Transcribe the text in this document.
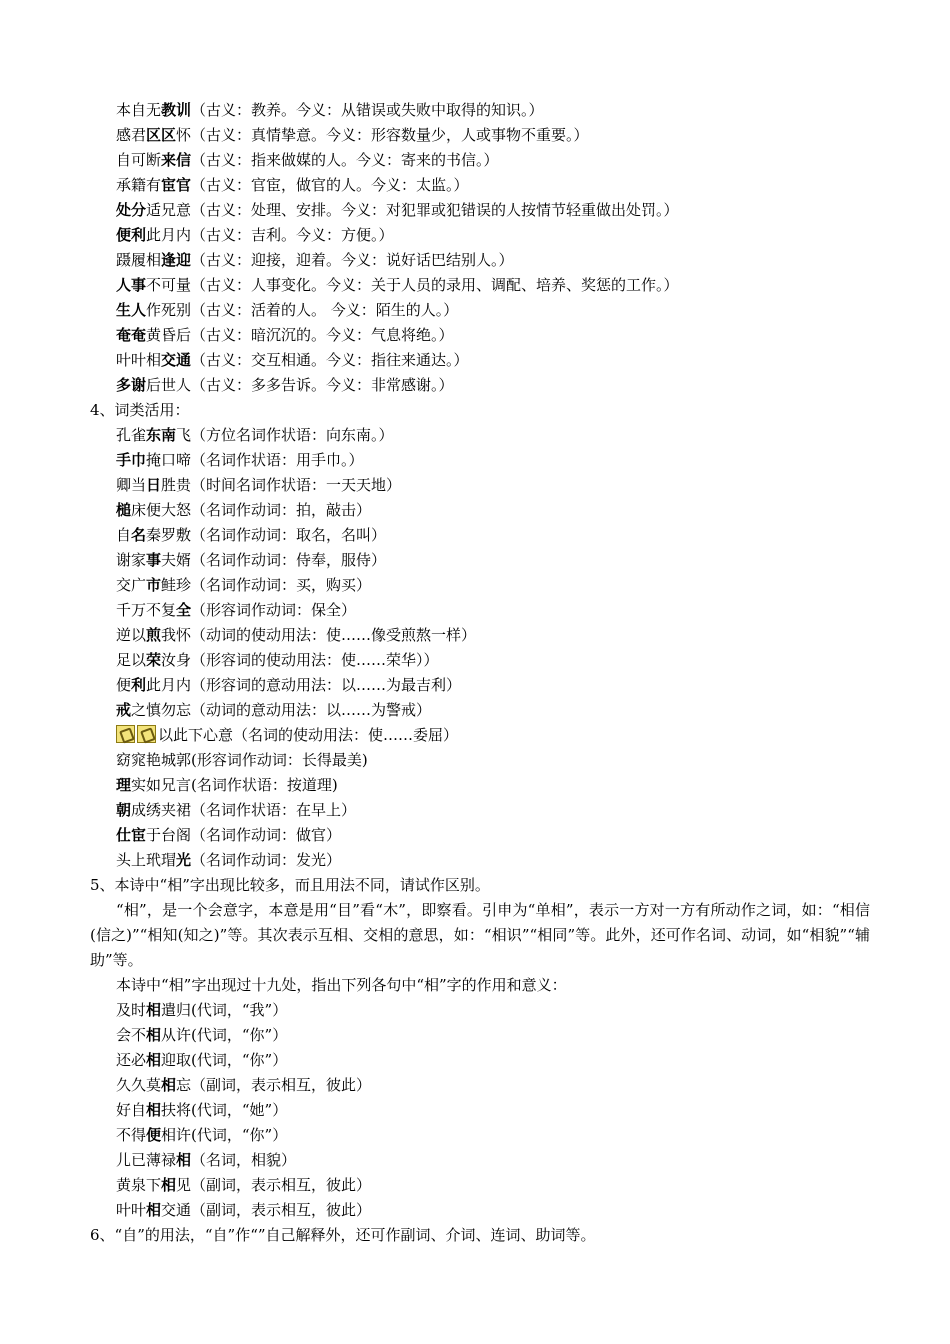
本自无教训（古义：教养。今义：从错误或失败中取得的知识。）
感君区区怀（古义：真情挚意。今义：形容数量少，人或事物不重要。）
自可断来信（古义：指来做媒的人。今义：寄来的书信。）
承籍有宦官（古义：官宦，做官的人。今义：太监。）
处分适兄意（古义：处理、安排。今义：对犯罪或犯错误的人按情节轻重做出处罚。）
便利此月内（古义：吉利。今义：方便。）
蹑履相逢迎（古义：迎接，迎着。今义：说好话巴结别人。）
人事不可量（古义：人事变化。今义：关于人员的录用、调配、培养、奖惩的工作。）
生人作死别（古义：活着的人。 今义：陌生的人。）
奄奄黄昏后（古义：暗沉沉的。今义：气息将绝。）
叶叶相交通（古义：交互相通。今义：指往来通达。）
多谢后世人（古义：多多告诉。今义：非常感谢。）
4、词类活用：
孔雀东南飞（方位名词作状语：向东南。）
手巾掩口啼（名词作状语：用手巾。）
卿当日胜贵（时间名词作状语：一天天地）
槌床便大怒（名词作动词：拍，敲击）
自名秦罗敷（名词作动词：取名，名叫）
谢家事夫婿（名词作动词：侍奉，服侍）
交广市鲑珍（名词作动词：买，购买）
千万不复全（形容词作动词：保全）
逆以煎我怀（动词的使动用法：使……像受煎熬一样）
足以荣汝身（形容词的使动用法：使……荣华））
便利此月内（形容词的意动用法：以……为最吉利）
戒之慎勿忘（动词的意动用法：以……为警戒）
以此下心意（名词的使动用法：使……委屈）
窈窕艳城郭(形容词作动词：长得最美)
理实如兄言(名词作状语：按道理)
朝成绣夹裙（名词作状语：在早上）
仕宦于台阁（名词作动词：做官）
头上玳瑁光（名词作动词：发光）
5、本诗中“相”字出现比较多，而且用法不同，请试作区别。
“相”，是一个会意字，本意是用“目”看“木”，即察看。引申为“单相”，表示一方对一方有所动作之词，如：“相信(信之)”“相知(知之)”等。其次表示互相、交相的意思，如：“相识”“相同”等。此外，还可作名词、动词，如“相貌”“辅助”等。
本诗中“相”字出现过十九处，指出下列各句中“相”字的作用和意义：
及时相遣归(代词，“我”）
会不相从许(代词，“你”）
还必相迎取(代词，“你”）
久久莫相忘（副词，表示相互，彼此）
好自相扶将(代词，“她”）
不得便相许(代词，“你”）
儿已薄禄相（名词，相貌）
黄泉下相见（副词，表示相互，彼此）
叶叶相交通（副词，表示相互，彼此）
6、“自”的用法，“自”作“”自己解释外，还可作副词、介词、连词、助词等。
